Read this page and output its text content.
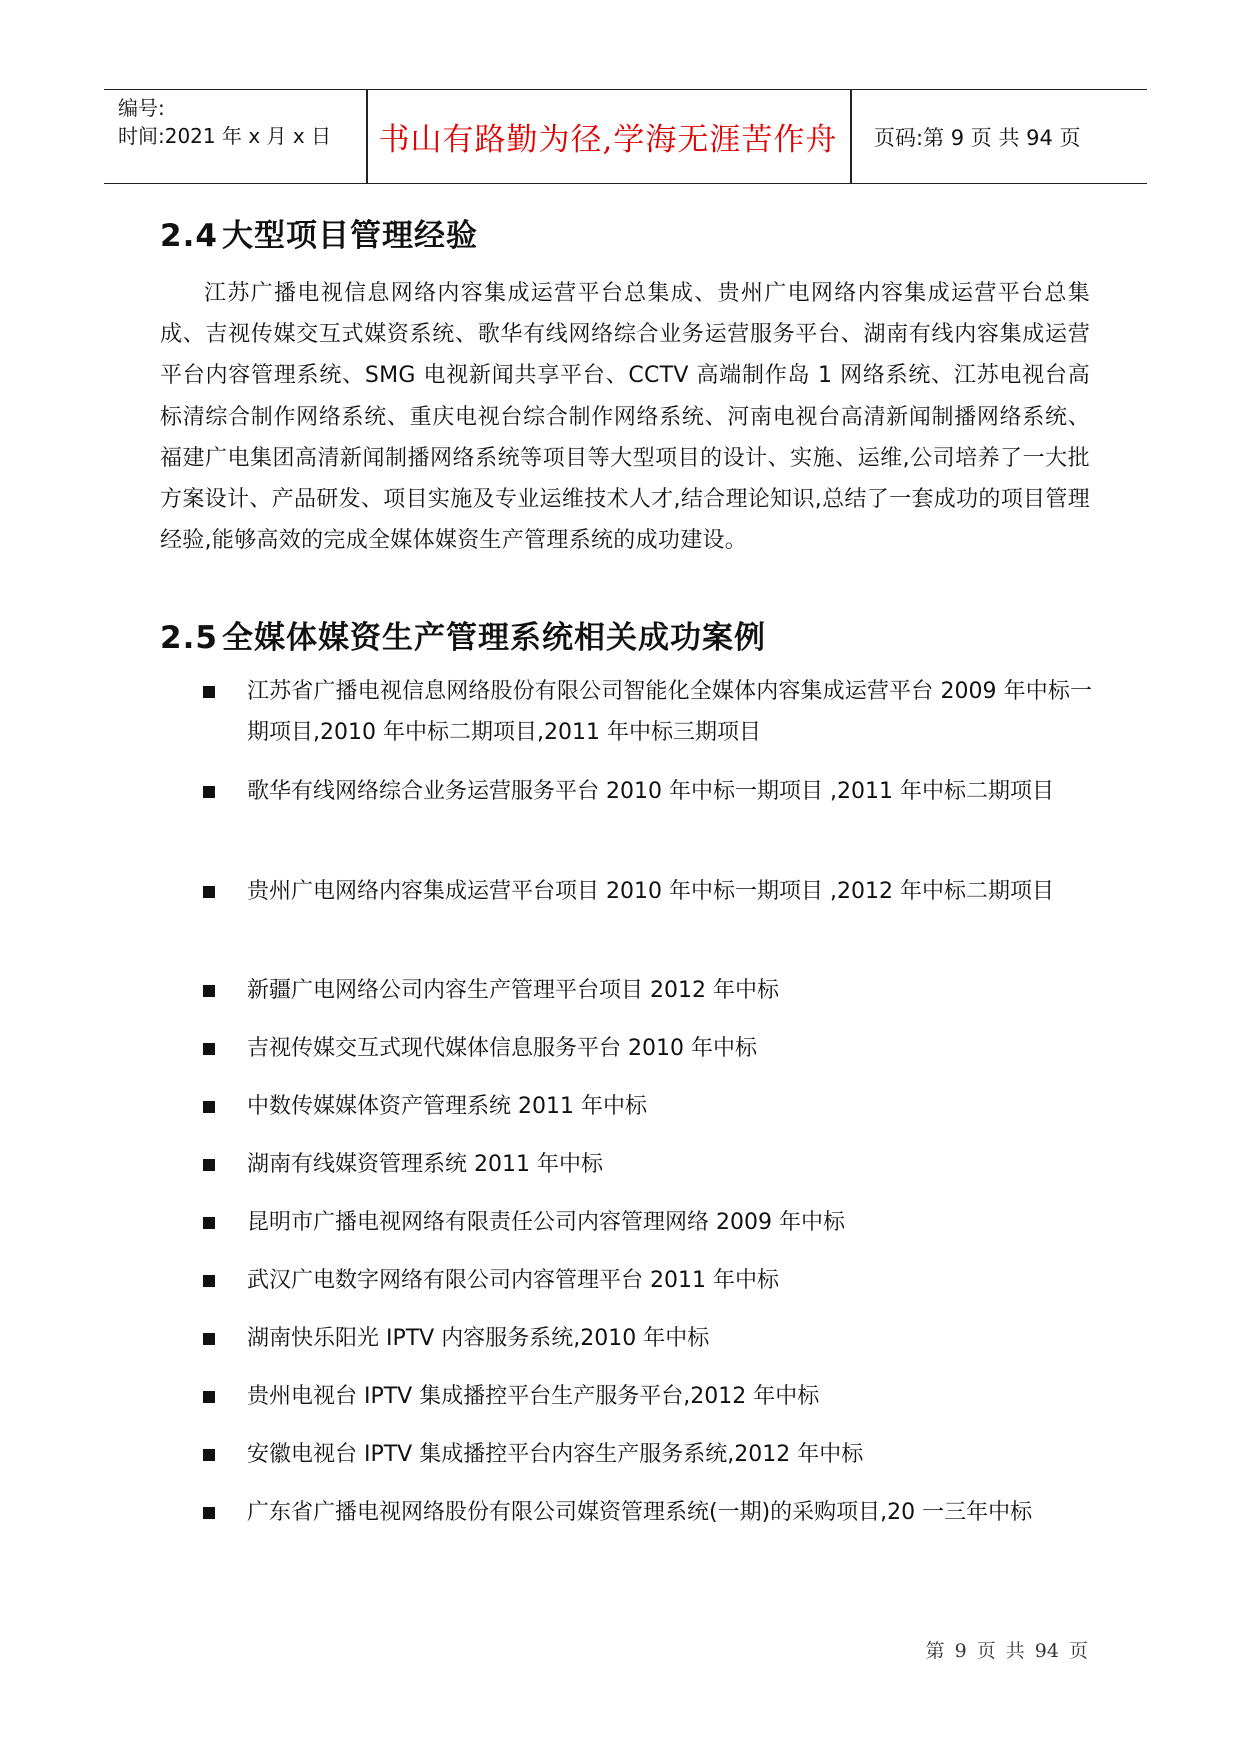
编号:
时间:2021 年 x 月 x 日	书山有路勤为径,学海无涯苦作舟	页码:第 9 页 共 94 页
2.4 大型项目管理经验

江苏广播电视信息网络内容集成运营平台总集成、贵州广电网络内容集成运营平台总集成、吉视传媒交互式媒资系统、歌华有线网络综合业务运营服务平台、湖南有线内容集成运营平台内容管理系统、SMG 电视新闻共享平台、CCTV 高端制作岛 1 网络系统、江苏电视台高标清综合制作网络系统、重庆电视台综合制作网络系统、河南电视台高清新闻制播网络系统、福建广电集团高清新闻制播网络系统等项目等大型项目的设计、实施、运维,公司培养了一大批方案设计、产品研发、项目实施及专业运维技术人才,结合理论知识,总结了一套成功的项目管理经验,能够高效的完成全媒体媒资生产管理系统的成功建设。

2.5 全媒体媒资生产管理系统相关成功案例
江苏省广播电视信息网络股份有限公司智能化全媒体内容集成运营平台 2009 年中标一期项目,2010 年中标二期项目,2011 年中标三期项目
歌华有线网络综合业务运营服务平台 2010 年中标一期项目 ,2011 年中标二期项目
贵州广电网络内容集成运营平台项目 2010 年中标一期项目 ,2012 年中标二期项目
新疆广电网络公司内容生产管理平台项目 2012 年中标
吉视传媒交互式现代媒体信息服务平台 2010 年中标
中数传媒媒体资产管理系统 2011 年中标
湖南有线媒资管理系统 2011 年中标
昆明市广播电视网络有限责任公司内容管理网络 2009 年中标
武汉广电数字网络有限公司内容管理平台 2011 年中标
湖南快乐阳光 IPTV 内容服务系统,2010 年中标
贵州电视台 IPTV 集成播控平台生产服务平台,2012 年中标
安徽电视台 IPTV 集成播控平台内容生产服务系统,2012 年中标
广东省广播电视网络股份有限公司媒资管理系统(一期)的采购项目,20 一三年中标
第 9 页 共 94 页
